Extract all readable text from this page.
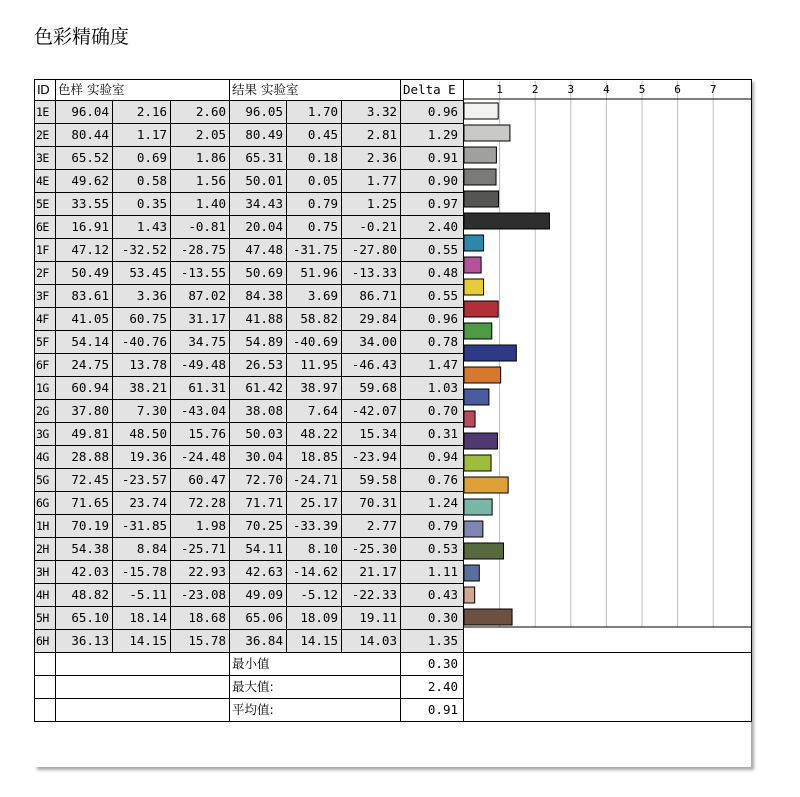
色彩精确度
ID	色样 实验室			结果 实验室			Delta E	
1E	96.04	2.16	2.60	96.05	1.70	3.32	0.96	
2E	80.44	1.17	2.05	80.49	0.45	2.81	1.29	
3E	65.52	0.69	1.86	65.31	0.18	2.36	0.91	
4E	49.62	0.58	1.56	50.01	0.05	1.77	0.90	
5E	33.55	0.35	1.40	34.43	0.79	1.25	0.97	
6E	16.91	1.43	-0.81	20.04	0.75	-0.21	2.40	
1F	47.12	-32.52	-28.75	47.48	-31.75	-27.80	0.55	
2F	50.49	53.45	-13.55	50.69	51.96	-13.33	0.48	
3F	83.61	3.36	87.02	84.38	3.69	86.71	0.55	
4F	41.05	60.75	31.17	41.88	58.82	29.84	0.96	
5F	54.14	-40.76	34.75	54.89	-40.69	34.00	0.78	
6F	24.75	13.78	-49.48	26.53	11.95	-46.43	1.47	
1G	60.94	38.21	61.31	61.42	38.97	59.68	1.03	
2G	37.80	7.30	-43.04	38.08	7.64	-42.07	0.70	
3G	49.81	48.50	15.76	50.03	48.22	15.34	0.31	
4G	28.88	19.36	-24.48	30.04	18.85	-23.94	0.94	
5G	72.45	-23.57	60.47	72.70	-24.71	59.58	0.76	
6G	71.65	23.74	72.28	71.71	25.17	70.31	1.24	
1H	70.19	-31.85	1.98	70.25	-33.39	2.77	0.79	
2H	54.38	8.84	-25.71	54.11	8.10	-25.30	0.53	
3H	42.03	-15.78	22.93	42.63	-14.62	21.17	1.11	
4H	48.82	-5.11	-23.08	49.09	-5.12	-22.33	0.43	
5H	65.10	18.14	18.68	65.06	18.09	19.11	0.30	
6H	36.13	14.15	15.78	36.84	14.15	14.03	1.35	
				最小值			0.30	
				最大值:			2.40	
				平均值:			0.91	
1	2	3	4	5	6	7
